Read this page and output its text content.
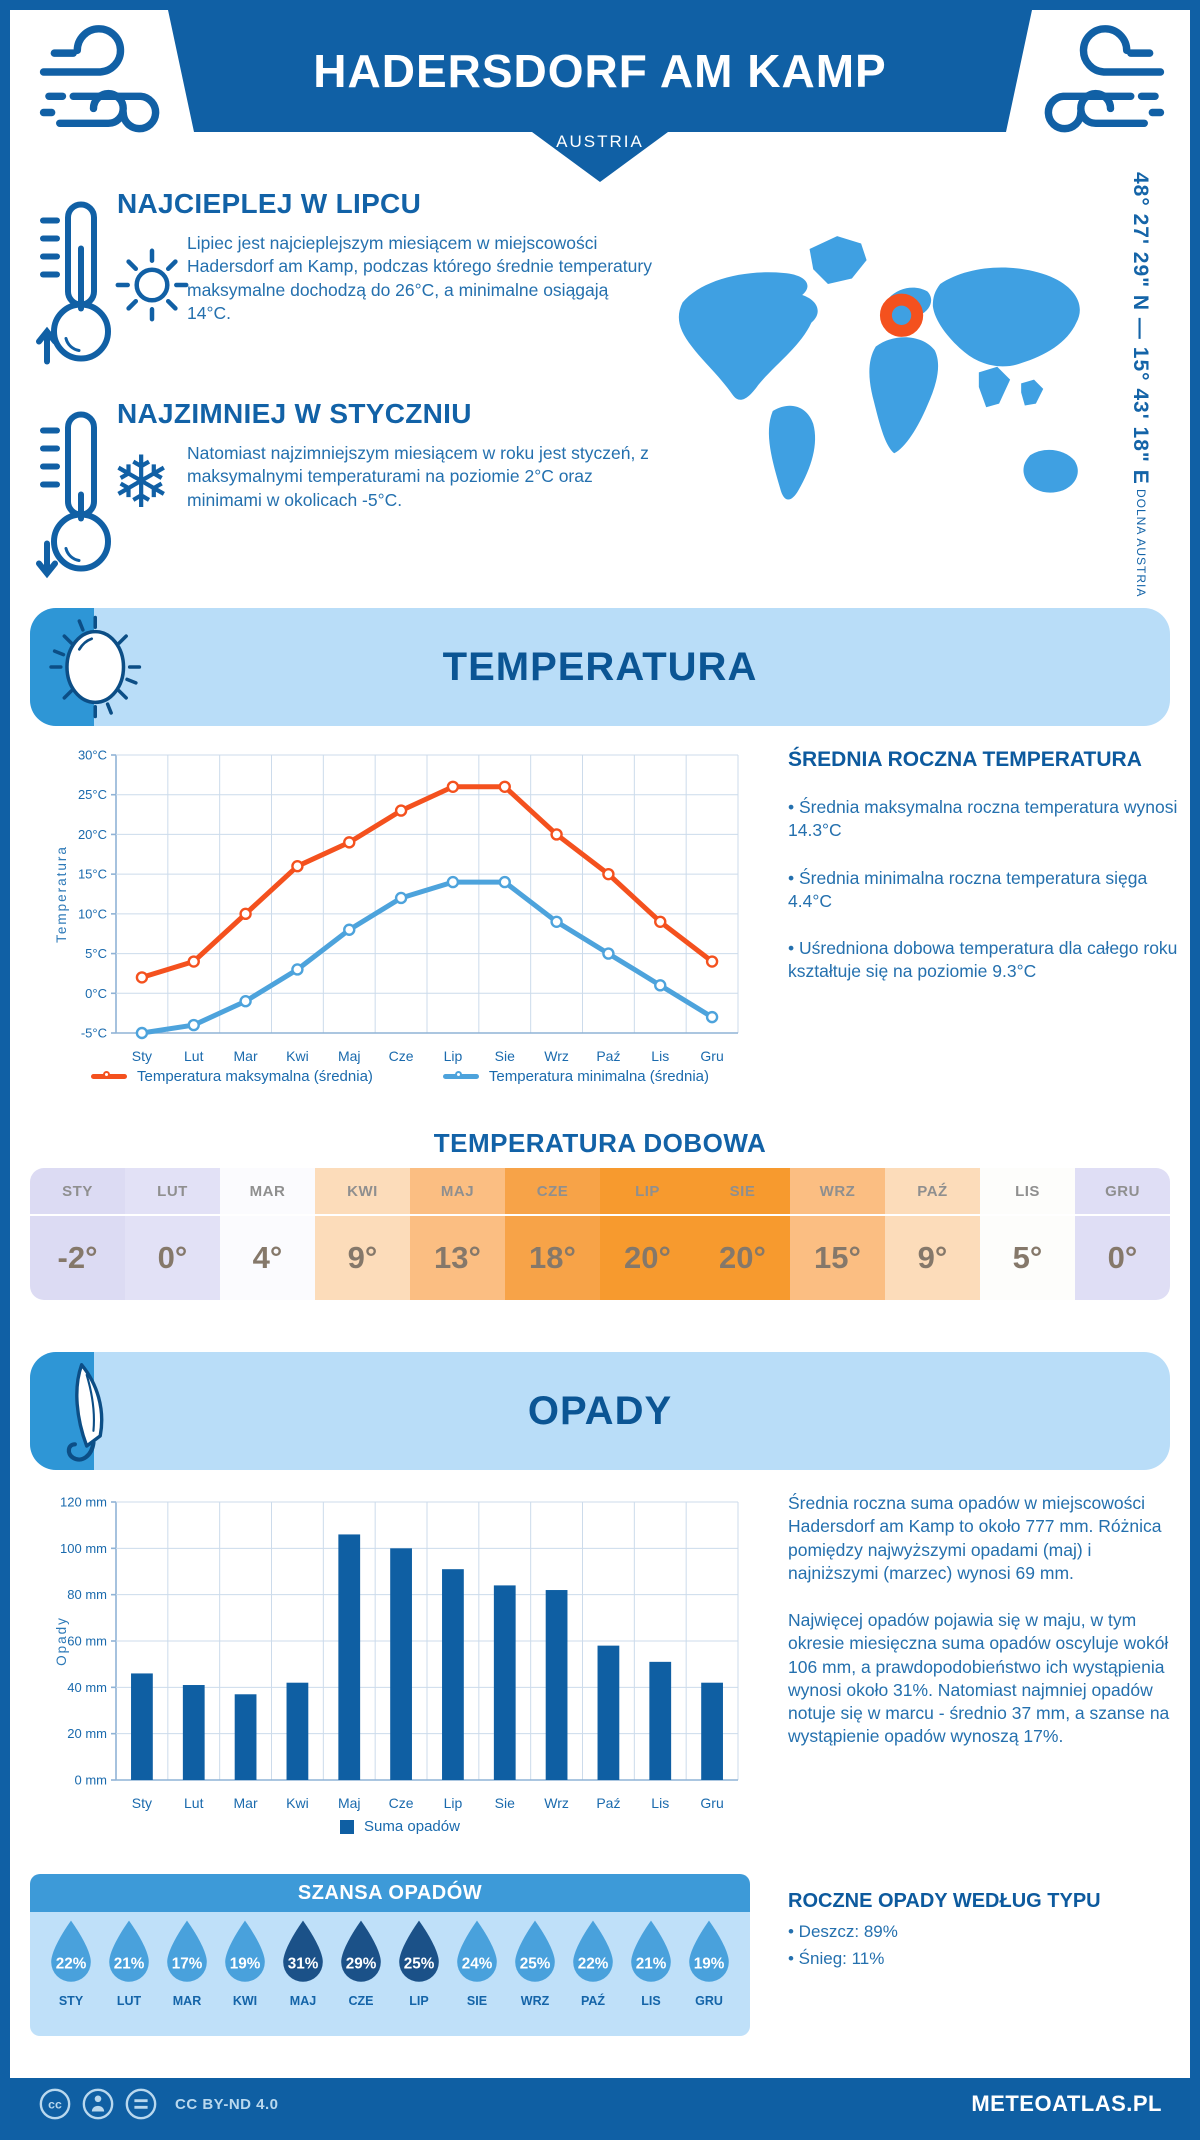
HADERSDORF AM KAMP
AUSTRIA
NAJCIEPLEJ W LIPCU
Lipiec jest najcieplejszym miesiącem w miejscowości Hadersdorf am Kamp, podczas którego średnie temperatury maksymalne dochodzą do 26°C, a minimalne osiągają 14°C.
❄
NAJZIMNIEJ W STYCZNIU
Natomiast najzimniejszym miesiącem w roku jest styczeń, z maksymalnymi temperaturami na poziomie 2°C oraz minimami w okolicach -5°C.
48° 27' 29" N — 15° 43' 18" E
DOLNA AUSTRIA
TEMPERATURA
-5°C
0°C
5°C
10°C
15°C
20°C
25°C
30°C
Sty Lut Mar Kwi Maj Cze Lip Sie Wrz Paź Lis Gru
Temperatura
Temperatura maksymalna (średnia)	Temperatura minimalna (średnia)
ŚREDNIA ROCZNA TEMPERATURA
• Średnia maksymalna roczna temperatura wynosi 14.3°C
• Średnia minimalna roczna temperatura sięga 4.4°C
• Uśredniona dobowa temperatura dla całego roku kształtuje się na poziomie 9.3°C
TEMPERATURA DOBOWA
STY
-2°
LUT
0°
MAR
4°
KWI
9°
MAJ
13°
CZE
18°
LIP
20°
SIE
20°
WRZ
15°
PAŹ
9°
LIS
5°
GRU
0°
OPADY
0 mm
20 mm
40 mm
60 mm
80 mm
100 mm
120 mm
Sty Lut Mar Kwi Maj Cze Lip Sie Wrz Paź Lis Gru
Opady
Suma opadów
Średnia roczna suma opadów w miejscowości Hadersdorf am Kamp to około 777 mm. Różnica pomiędzy najwyższymi opadami (maj) i najniższymi (marzec) wynosi 69 mm.
Najwięcej opadów pojawia się w maju, w tym okresie miesięczna suma opadów oscyluje wokół 106 mm, a prawdopodobieństwo ich wystąpienia wynosi około 31%. Natomiast najmniej opadów notuje się w marcu - średnio 37 mm, a szanse na wystąpienie opadów wynoszą 17%.
ROCZNE OPADY WEDŁUG TYPU
• Deszcz: 89%
• Śnieg: 11%
SZANSA OPADÓW
22%
STY
21%
LUT
17%
MAR
19%
KWI
31%
MAJ
29%
CZE
25%
LIP
24%
SIE
25%
WRZ
22%
PAŹ
21%
LIS
19%
GRU
cc	CC BY-ND 4.0	METEOATLAS.PL
